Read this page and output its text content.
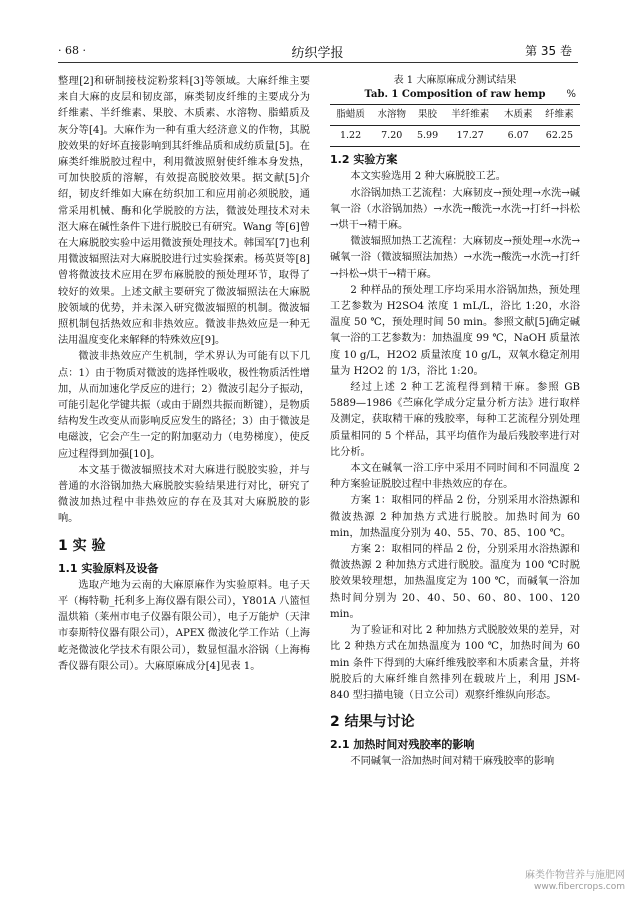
· 68 ·	纺织学报	第 35 卷

整理[2]和研制接枝淀粉浆料[3]等领域。大麻纤维主要来自大麻的皮层和韧皮部，麻类韧皮纤维的主要成分为纤维素、半纤维素、果胶、木质素、水溶物、脂蜡质及灰分等[4]。大麻作为一种有重大经济意义的作物，其脱胶效果的好坏直接影响到其纤维品质和成纺质量[5]。在麻类纤维脱胶过程中，利用微波照射使纤维本身发热，可加快胶质的溶解，有效提高脱胶效果。据文献[5]介绍，韧皮纤维如大麻在纺织加工和应用前必须脱胶，通常采用机械、酶和化学脱胶的方法，微波处理技术对未沤大麻在碱性条件下进行脱胶已有研究。Wang 等[6]曾在大麻脱胶实验中运用微波预处理技术。韩国军[7]也利用微波辐照法对大麻脱胶进行过实验探索。杨英贤等[8]曾将微波技术应用在罗布麻脱胶的预处理环节，取得了较好的效果。上述文献主要研究了微波辐照法在大麻脱胶领域的优势，并未深入研究微波辐照的机制。微波辐照机制包括热效应和非热效应。微波非热效应是一种无法用温度变化来解释的特殊效应[9]。

微波非热效应产生机制，学术界认为可能有以下几点：1）由于物质对微波的选择性吸收，极性物质活性增加，从而加速化学反应的进行；2）微波引起分子振动，可能引起化学键共振（或由于剧烈共振而断键），是物质结构发生改变从而影响反应发生的路径；3）由于微波是电磁波，它会产生一定的附加驱动力（电势梯度），使反应过程得到加强[10]。

本文基于微波辐照技术对大麻进行脱胶实验，并与普通的水浴锅加热大麻脱胶实验结果进行对比，研究了微波加热过程中非热效应的存在及其对大麻脱胶的影响。

1 实 验
1.1 实验原料及设备

选取产地为云南的大麻原麻作为实验原料。电子天平（梅特勒_托利多上海仪器有限公司），Y801A 八篮恒温烘箱（莱州市电子仪器有限公司），电子万能炉（天津市泰斯特仪器有限公司），APEX 微波化学工作站（上海屹尧微波化学技术有限公司），数显恒温水浴锅（上海梅香仪器有限公司）。大麻原麻成分[4]见表 1。

表 1 大麻原麻成分测试结果
Tab. 1 Composition of raw hemp %
脂蜡质	水溶物	果胶	半纤维素	木质素	纤维素
1.22	7.20	5.99	17.27	6.07	62.25
1.2 实验方案

本文实验选用 2 种大麻脱胶工艺。

水浴锅加热工艺流程：大麻韧皮→预处理→水洗→碱氧一浴（水浴锅加热）→水洗→酸洗→水洗→打纤→抖松→烘干→精干麻。

微波辐照加热工艺流程：大麻韧皮→预处理→水洗→碱氧一浴（微波辐照法加热）→水洗→酸洗→水洗→打纤→抖松→烘干→精干麻。

2 种样品的预处理工序均采用水浴锅加热，预处理工艺参数为 H2SO4 浓度 1 mL/L，浴比 1:20，水浴温度 50 ℃，预处理时间 50 min。参照文献[5]确定碱氧一浴的工艺参数为：加热温度 99 ℃，NaOH 质量浓度 10 g/L，H2O2 质量浓度 10 g/L，双氧水稳定剂用量为 H2O2 的 1/3，浴比 1:20。

经过上述 2 种工艺流程得到精干麻。参照 GB 5889—1986《苎麻化学成分定量分析方法》进行取样及测定，获取精干麻的残胶率，每种工艺流程分别处理质量相同的 5 个样品，其平均值作为最后残胶率进行对比分析。

本文在碱氧一浴工序中采用不同时间和不同温度 2 种方案验证脱胶过程中非热效应的存在。

方案 1：取相同的样品 2 份，分别采用水浴热源和微波热源 2 种加热方式进行脱胶。加热时间为 60 min，加热温度分别为 40、55、70、85、100 ℃。

方案 2：取相同的样品 2 份，分别采用水浴热源和微波热源 2 种加热方式进行脱胶。温度为 100 ℃时脱胶效果较理想，加热温度定为 100 ℃，而碱氧一浴加热时间分别为 20、40、50、60、80、100、120 min。

为了验证和对比 2 种加热方式脱胶效果的差异，对比 2 种热方式在加热温度为 100 ℃，加热时间为 60 min 条件下得到的大麻纤维残胶率和木质素含量，并将脱胶后的大麻纤维自然排列在载玻片上，利用 JSM-840 型扫描电镜（日立公司）观察纤维纵向形态。

2 结果与讨论
2.1 加热时间对残胶率的影响

不同碱氧一浴加热时间对精干麻残胶率的影响

麻类作物营养与施肥网
www.fibercrops.com
